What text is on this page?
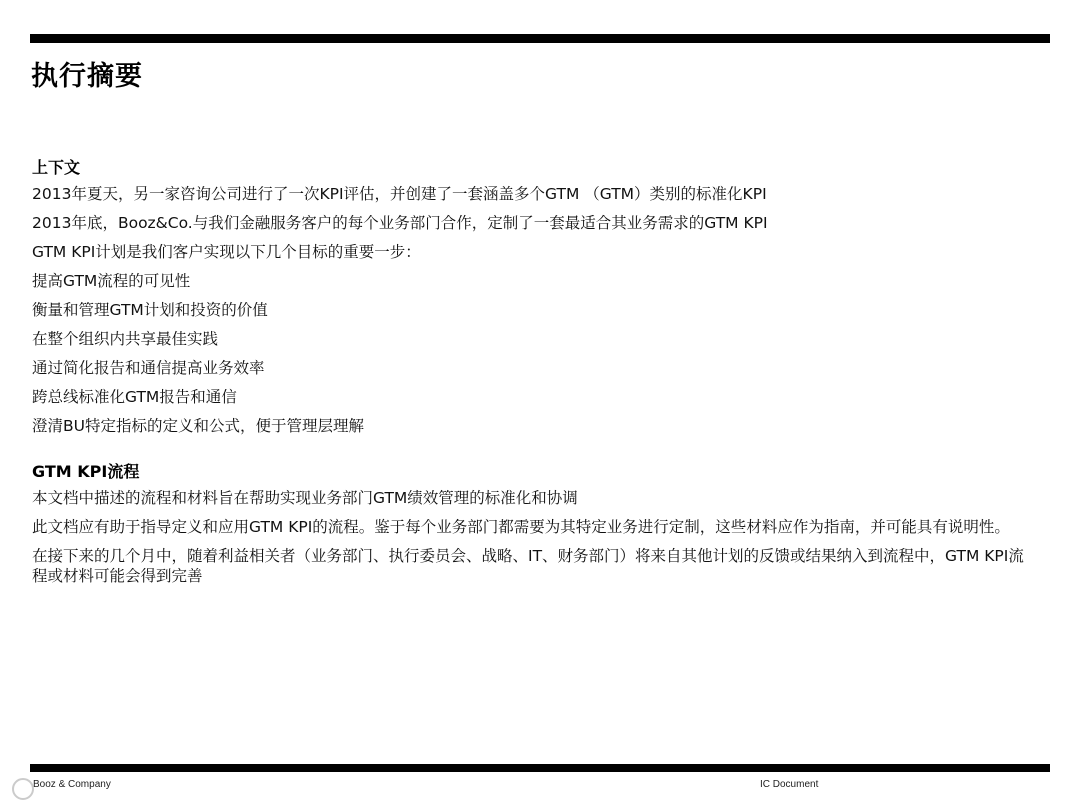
执行摘要
上下文
2013年夏天，另一家咨询公司进行了一次KPI评估，并创建了一套涵盖多个GTM （GTM）类别的标准化KPI
2013年底，Booz&Co.与我们金融服务客户的每个业务部门合作，定制了一套最适合其业务需求的GTM KPI
GTM KPI计划是我们客户实现以下几个目标的重要一步：
提高GTM流程的可见性
衡量和管理GTM计划和投资的价值
在整个组织内共享最佳实践
通过简化报告和通信提高业务效率
跨总线标准化GTM报告和通信
澄清BU特定指标的定义和公式，便于管理层理解
GTM KPI流程
本文档中描述的流程和材料旨在帮助实现业务部门GTM绩效管理的标准化和协调
此文档应有助于指导定义和应用GTM KPI的流程。鉴于每个业务部门都需要为其特定业务进行定制，这些材料应作为指南，并可能具有说明性。
在接下来的几个月中，随着利益相关者（业务部门、执行委员会、战略、IT、财务部门）将来自其他计划的反馈或结果纳入到流程中，GTM KPI流程或材料可能会得到完善
Booz & Company	IC Document
